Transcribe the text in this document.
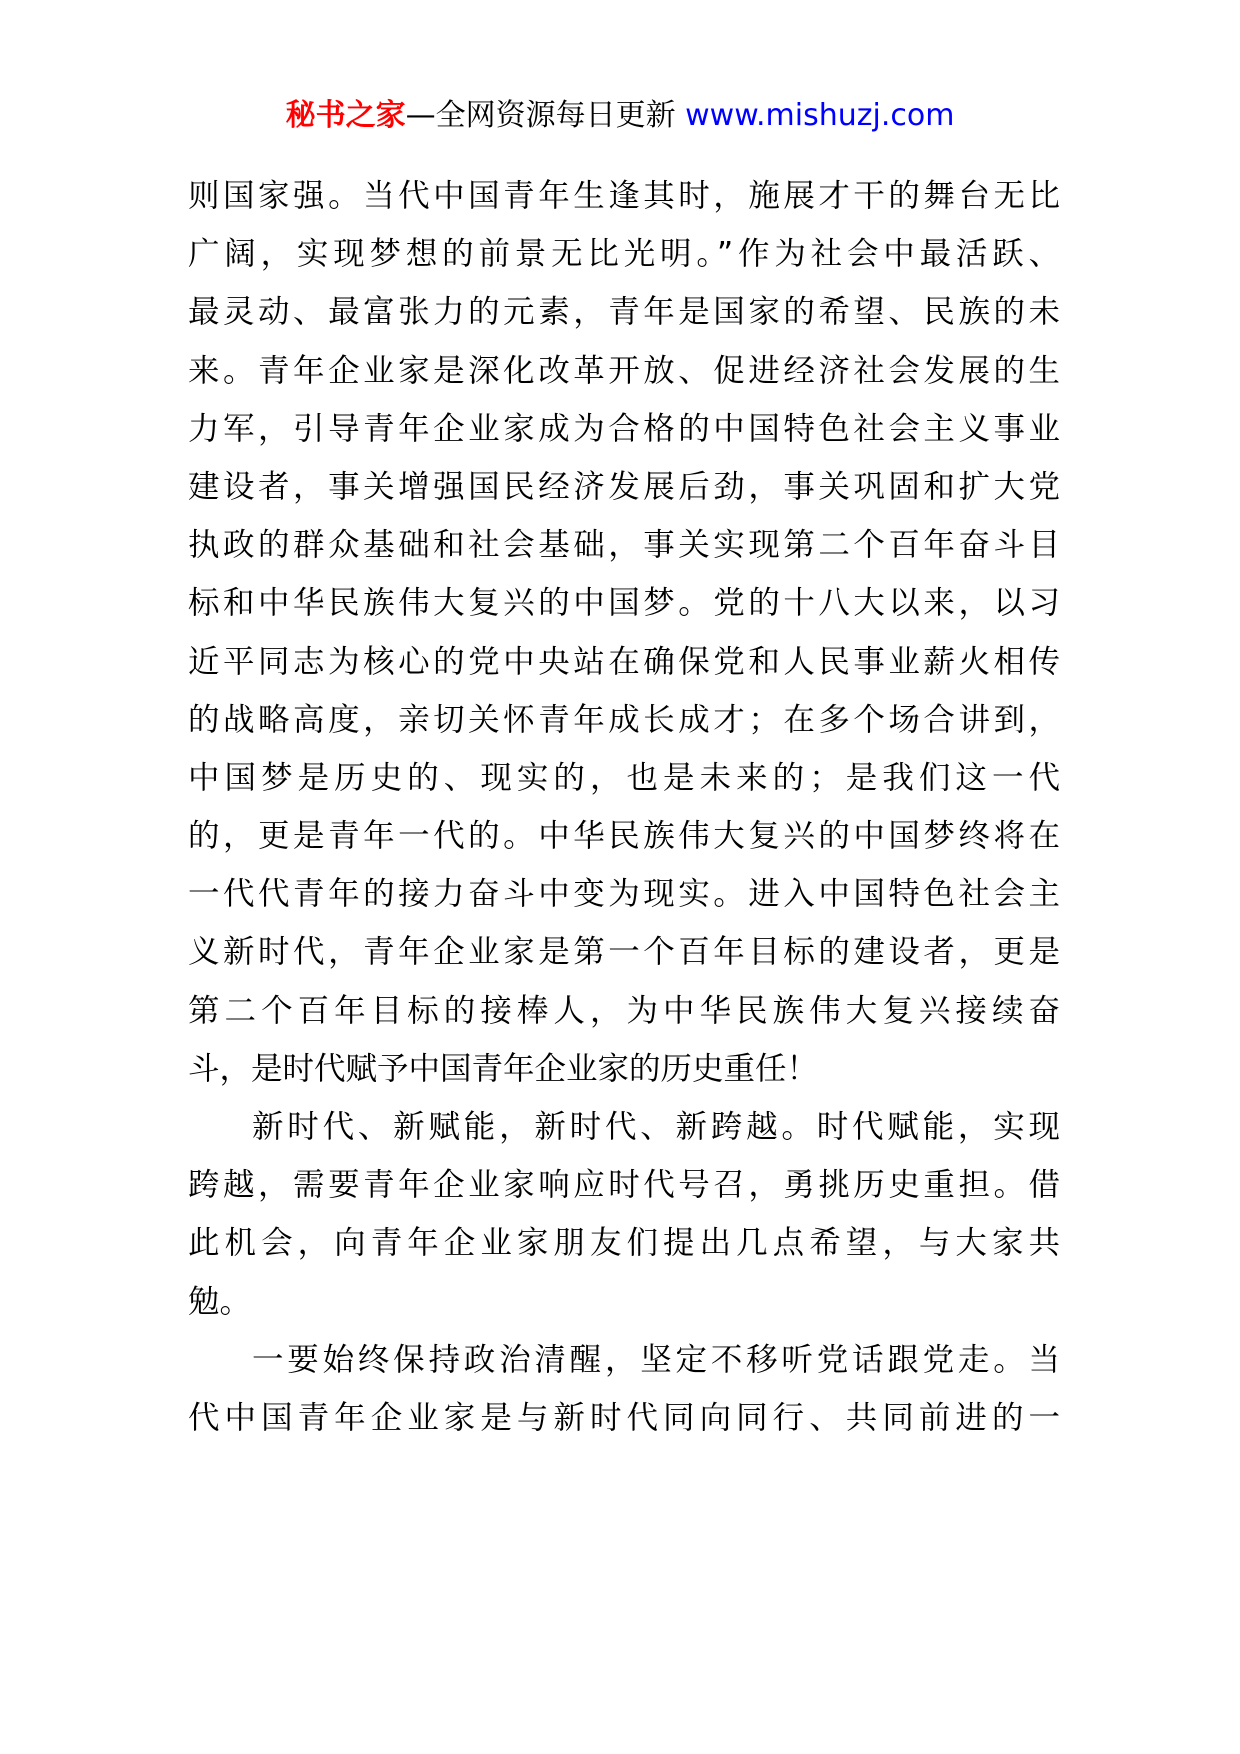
秘书之家—全网资源每日更新 www.mishuzj.com
则国家强。当代中国青年生逢其时，施展才干的舞台无比
广阔，实现梦想的前景无比光明。”作为社会中最活跃、
最灵动、最富张力的元素，青年是国家的希望、民族的未
来。青年企业家是深化改革开放、促进经济社会发展的生
力军，引导青年企业家成为合格的中国特色社会主义事业
建设者，事关增强国民经济发展后劲，事关巩固和扩大党
执政的群众基础和社会基础，事关实现第二个百年奋斗目
标和中华民族伟大复兴的中国梦。党的十八大以来，以习
近平同志为核心的党中央站在确保党和人民事业薪火相传
的战略高度，亲切关怀青年成长成才；在多个场合讲到，
中国梦是历史的、现实的，也是未来的；是我们这一代
的，更是青年一代的。中华民族伟大复兴的中国梦终将在
一代代青年的接力奋斗中变为现实。进入中国特色社会主
义新时代，青年企业家是第一个百年目标的建设者，更是
第二个百年目标的接棒人，为中华民族伟大复兴接续奋
斗，是时代赋予中国青年企业家的历史重任！
新时代、新赋能，新时代、新跨越。时代赋能，实现
跨越，需要青年企业家响应时代号召，勇挑历史重担。借
此机会，向青年企业家朋友们提出几点希望，与大家共
勉。
一要始终保持政治清醒，坚定不移听党话跟党走。当
代中国青年企业家是与新时代同向同行、共同前进的一
